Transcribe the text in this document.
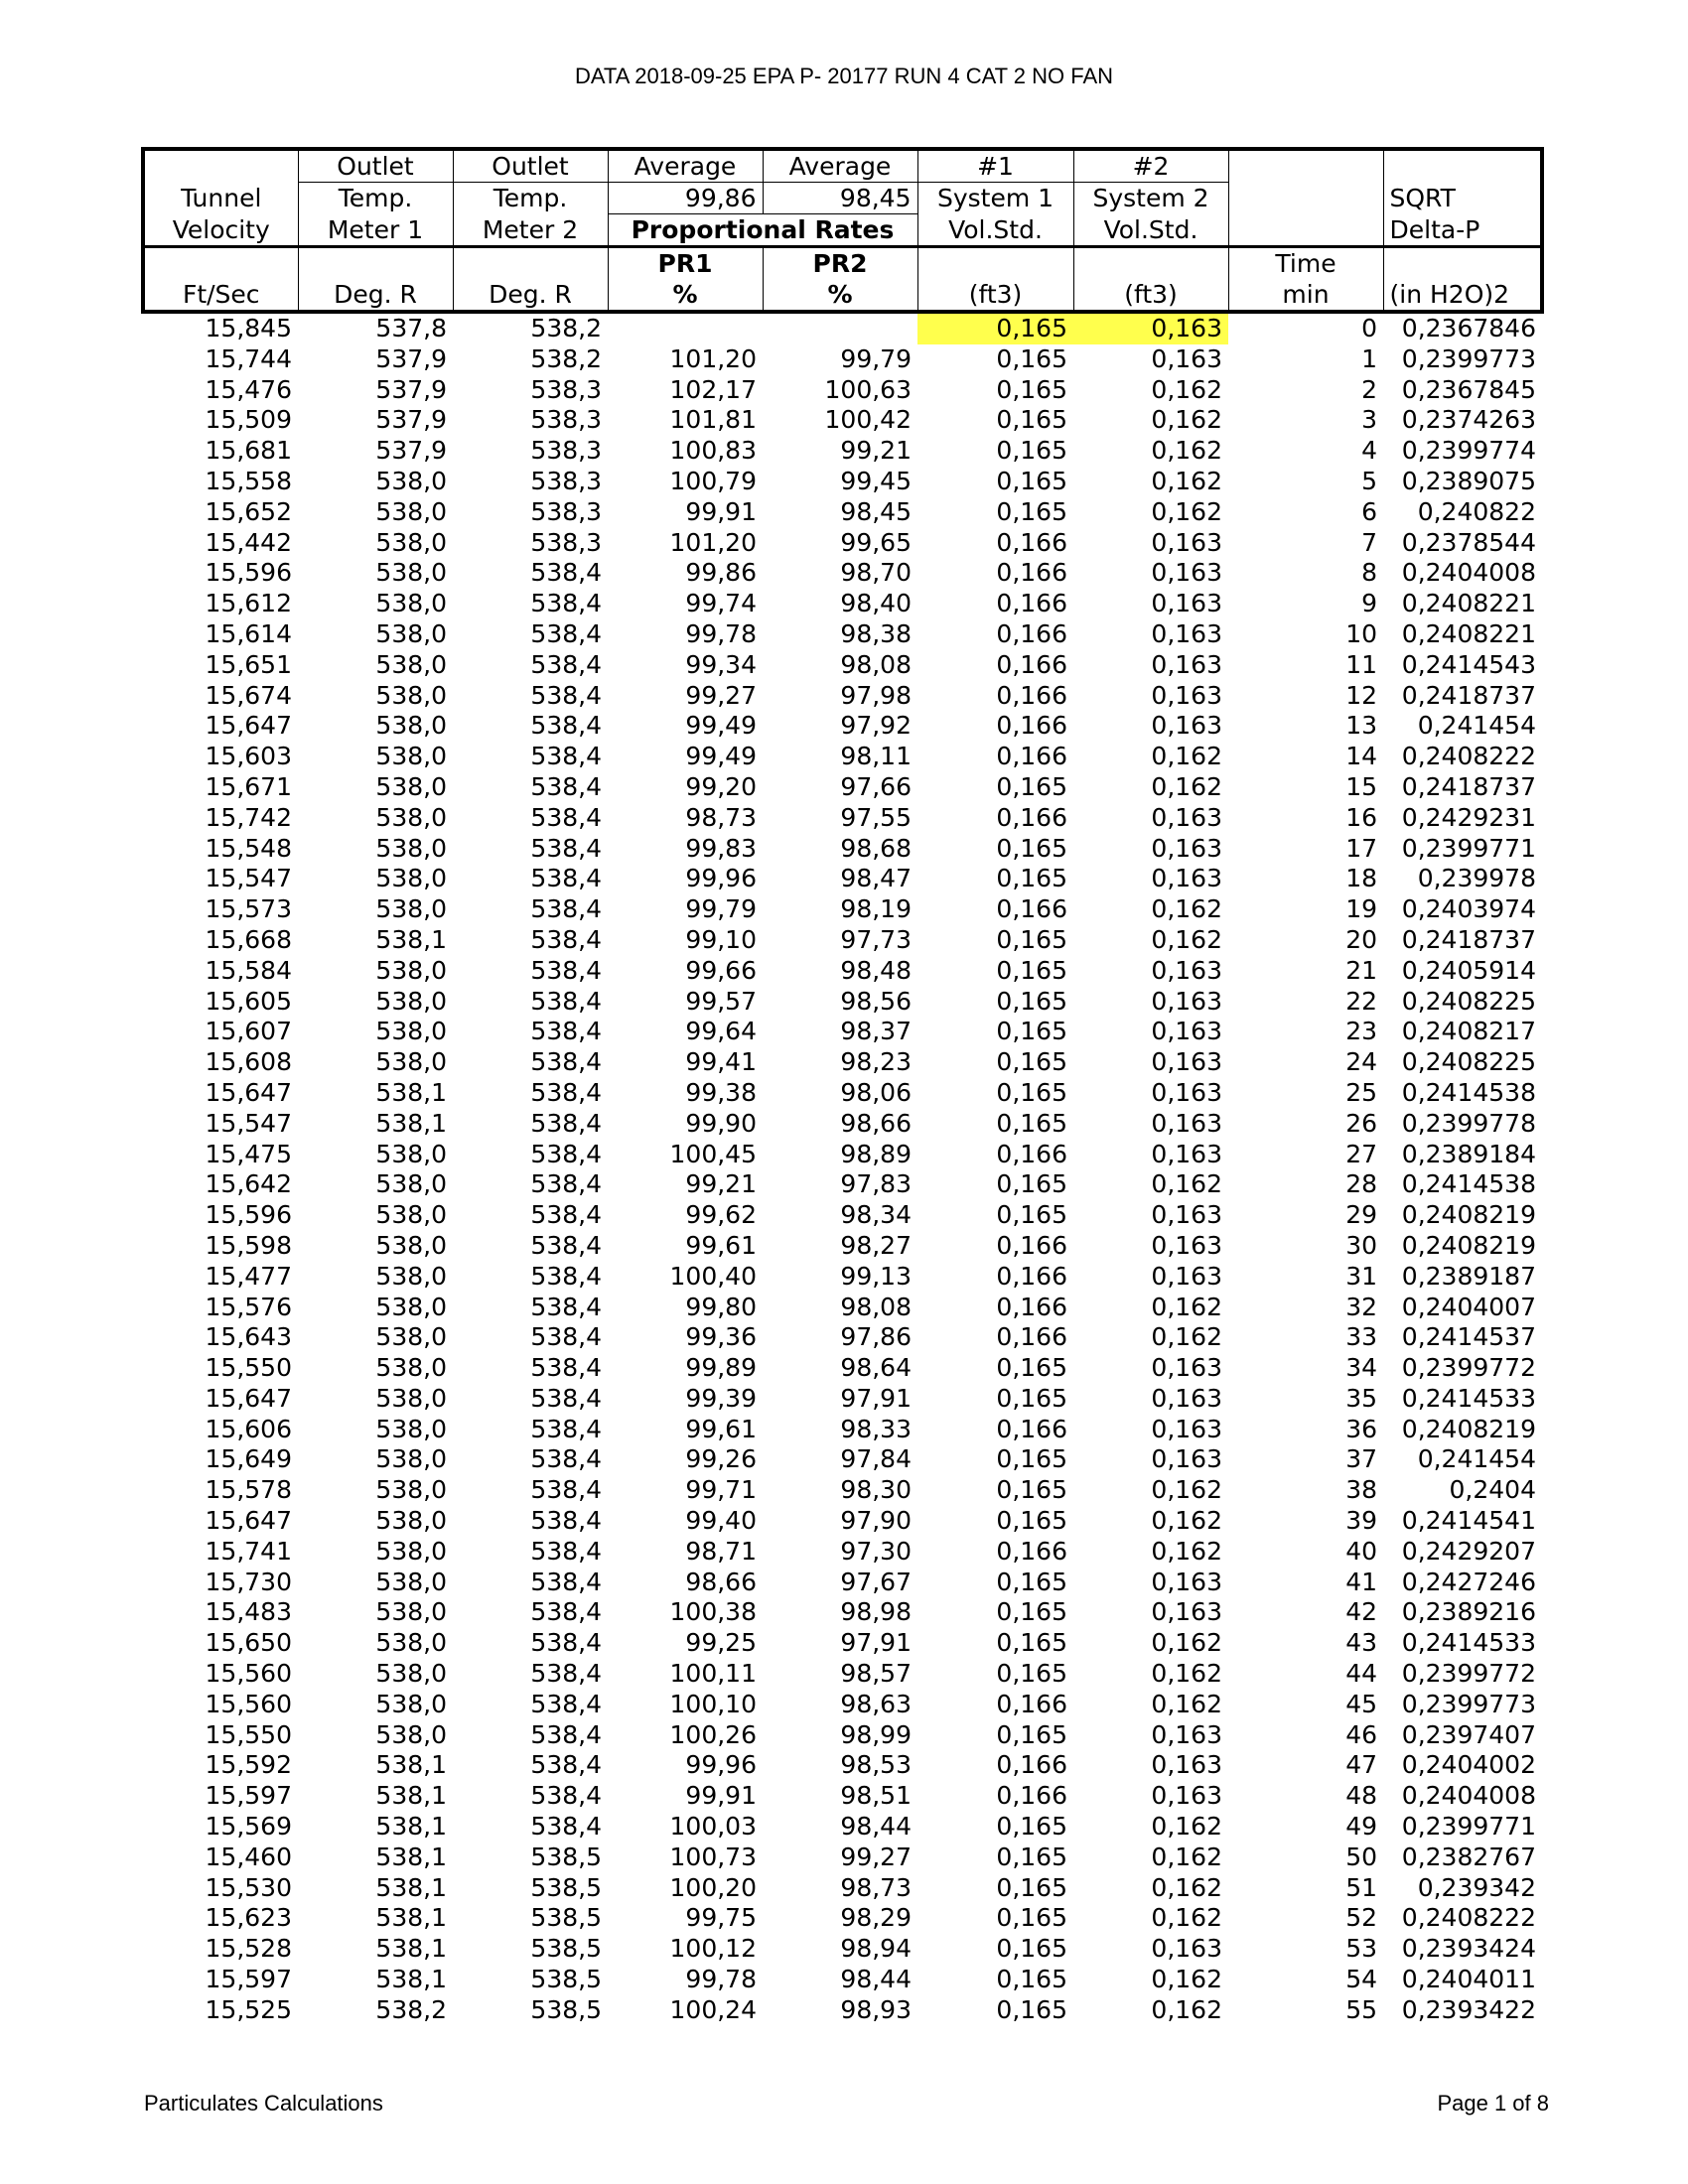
DATA 2018-09-25 EPA P- 20177 RUN 4 CAT 2 NO FAN
	Outlet	Outlet	Average	Average	#1	#2		
Tunnel	Temp.	Temp.	99,86	98,45	System 1	System 2		SQRT
Velocity	Meter 1	Meter 2	Proportional Rates		Vol.Std.	Vol.Std.		Delta-P
			PR1	PR2			Time	
Ft/Sec	Deg. R	Deg. R	%	%	(ft3)	(ft3)	min	(in H2O)2
15,845	537,8	538,2			0,165	0,163	0	0,2367846
15,744	537,9	538,2	101,20	99,79	0,165	0,163	1	0,2399773
15,476	537,9	538,3	102,17	100,63	0,165	0,162	2	0,2367845
15,509	537,9	538,3	101,81	100,42	0,165	0,162	3	0,2374263
15,681	537,9	538,3	100,83	99,21	0,165	0,162	4	0,2399774
15,558	538,0	538,3	100,79	99,45	0,165	0,162	5	0,2389075
15,652	538,0	538,3	99,91	98,45	0,165	0,162	6	0,240822
15,442	538,0	538,3	101,20	99,65	0,166	0,163	7	0,2378544
15,596	538,0	538,4	99,86	98,70	0,166	0,163	8	0,2404008
15,612	538,0	538,4	99,74	98,40	0,166	0,163	9	0,2408221
15,614	538,0	538,4	99,78	98,38	0,166	0,163	10	0,2408221
15,651	538,0	538,4	99,34	98,08	0,166	0,163	11	0,2414543
15,674	538,0	538,4	99,27	97,98	0,166	0,163	12	0,2418737
15,647	538,0	538,4	99,49	97,92	0,166	0,163	13	0,241454
15,603	538,0	538,4	99,49	98,11	0,166	0,162	14	0,2408222
15,671	538,0	538,4	99,20	97,66	0,165	0,162	15	0,2418737
15,742	538,0	538,4	98,73	97,55	0,166	0,163	16	0,2429231
15,548	538,0	538,4	99,83	98,68	0,165	0,163	17	0,2399771
15,547	538,0	538,4	99,96	98,47	0,165	0,163	18	0,239978
15,573	538,0	538,4	99,79	98,19	0,166	0,162	19	0,2403974
15,668	538,1	538,4	99,10	97,73	0,165	0,162	20	0,2418737
15,584	538,0	538,4	99,66	98,48	0,165	0,163	21	0,2405914
15,605	538,0	538,4	99,57	98,56	0,165	0,163	22	0,2408225
15,607	538,0	538,4	99,64	98,37	0,165	0,163	23	0,2408217
15,608	538,0	538,4	99,41	98,23	0,165	0,163	24	0,2408225
15,647	538,1	538,4	99,38	98,06	0,165	0,163	25	0,2414538
15,547	538,1	538,4	99,90	98,66	0,165	0,163	26	0,2399778
15,475	538,0	538,4	100,45	98,89	0,166	0,163	27	0,2389184
15,642	538,0	538,4	99,21	97,83	0,165	0,162	28	0,2414538
15,596	538,0	538,4	99,62	98,34	0,165	0,163	29	0,2408219
15,598	538,0	538,4	99,61	98,27	0,166	0,163	30	0,2408219
15,477	538,0	538,4	100,40	99,13	0,166	0,163	31	0,2389187
15,576	538,0	538,4	99,80	98,08	0,166	0,162	32	0,2404007
15,643	538,0	538,4	99,36	97,86	0,166	0,162	33	0,2414537
15,550	538,0	538,4	99,89	98,64	0,165	0,163	34	0,2399772
15,647	538,0	538,4	99,39	97,91	0,165	0,163	35	0,2414533
15,606	538,0	538,4	99,61	98,33	0,166	0,163	36	0,2408219
15,649	538,0	538,4	99,26	97,84	0,165	0,163	37	0,241454
15,578	538,0	538,4	99,71	98,30	0,165	0,162	38	0,2404
15,647	538,0	538,4	99,40	97,90	0,165	0,162	39	0,2414541
15,741	538,0	538,4	98,71	97,30	0,166	0,162	40	0,2429207
15,730	538,0	538,4	98,66	97,67	0,165	0,163	41	0,2427246
15,483	538,0	538,4	100,38	98,98	0,165	0,163	42	0,2389216
15,650	538,0	538,4	99,25	97,91	0,165	0,162	43	0,2414533
15,560	538,0	538,4	100,11	98,57	0,165	0,162	44	0,2399772
15,560	538,0	538,4	100,10	98,63	0,166	0,162	45	0,2399773
15,550	538,0	538,4	100,26	98,99	0,165	0,163	46	0,2397407
15,592	538,1	538,4	99,96	98,53	0,166	0,163	47	0,2404002
15,597	538,1	538,4	99,91	98,51	0,166	0,163	48	0,2404008
15,569	538,1	538,4	100,03	98,44	0,165	0,162	49	0,2399771
15,460	538,1	538,5	100,73	99,27	0,165	0,162	50	0,2382767
15,530	538,1	538,5	100,20	98,73	0,165	0,162	51	0,239342
15,623	538,1	538,5	99,75	98,29	0,165	0,162	52	0,2408222
15,528	538,1	538,5	100,12	98,94	0,165	0,163	53	0,2393424
15,597	538,1	538,5	99,78	98,44	0,165	0,162	54	0,2404011
15,525	538,2	538,5	100,24	98,93	0,165	0,162	55	0,2393422
Particulates Calculations	Page 1 of 8
